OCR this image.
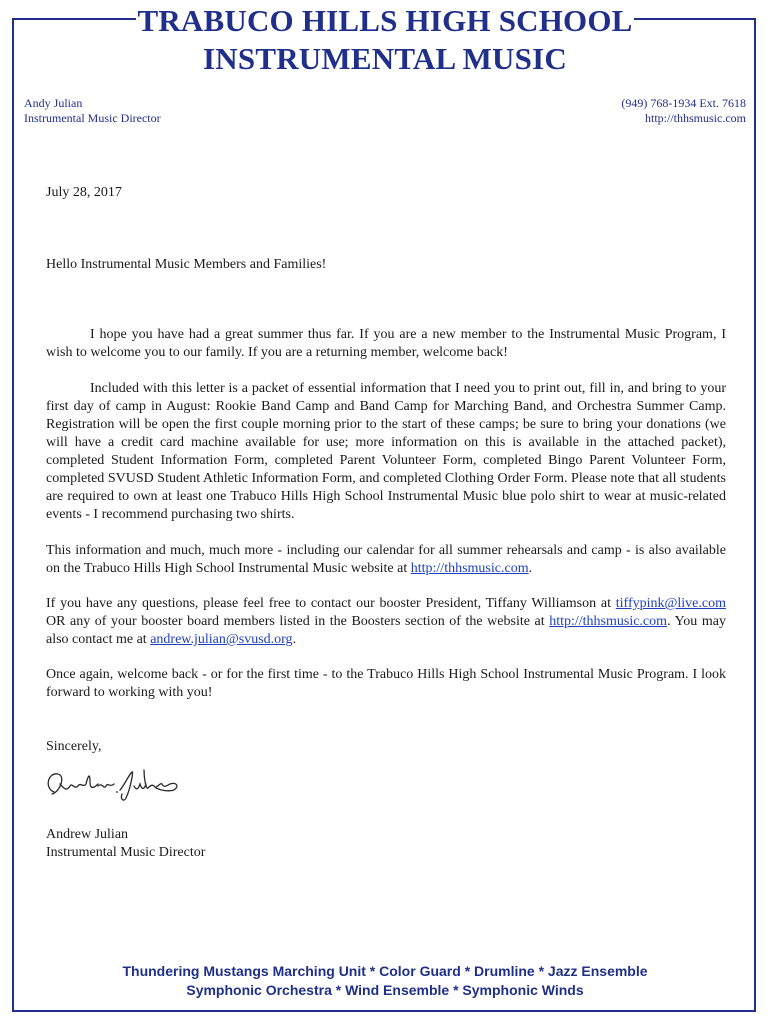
TRABUCO HILLS HIGH SCHOOL
INSTRUMENTAL MUSIC
Andy Julian
Instrumental Music Director
(949) 768-1934 Ext. 7618
http://thhsmusic.com
July 28, 2017
Hello Instrumental Music Members and Families!
I hope you have had a great summer thus far. If you are a new member to the Instrumental Music Program, I wish to welcome you to our family. If you are a returning member, welcome back!
Included with this letter is a packet of essential information that I need you to print out, fill in, and bring to your first day of camp in August: Rookie Band Camp and Band Camp for Marching Band, and Orchestra Summer Camp. Registration will be open the first couple morning prior to the start of these camps; be sure to bring your donations (we will have a credit card machine available for use; more information on this is available in the attached packet), completed Student Information Form, completed Parent Volunteer Form, completed Bingo Parent Volunteer Form, completed SVUSD Student Athletic Information Form, and completed Clothing Order Form. Please note that all students are required to own at least one Trabuco Hills High School Instrumental Music blue polo shirt to wear at music-related events - I recommend purchasing two shirts.
This information and much, much more - including our calendar for all summer rehearsals and camp - is also available on the Trabuco Hills High School Instrumental Music website at http://thhsmusic.com.
If you have any questions, please feel free to contact our booster President, Tiffany Williamson at tiffypink@live.com OR any of your booster board members listed in the Boosters section of the website at http://thhsmusic.com. You may also contact me at andrew.julian@svusd.org.
Once again, welcome back - or for the first time - to the Trabuco Hills High School Instrumental Music Program. I look forward to working with you!
Sincerely,
Andrew Julian
Instrumental Music Director
Thundering Mustangs Marching Unit * Color Guard * Drumline * Jazz Ensemble
Symphonic Orchestra * Wind Ensemble * Symphonic Winds
